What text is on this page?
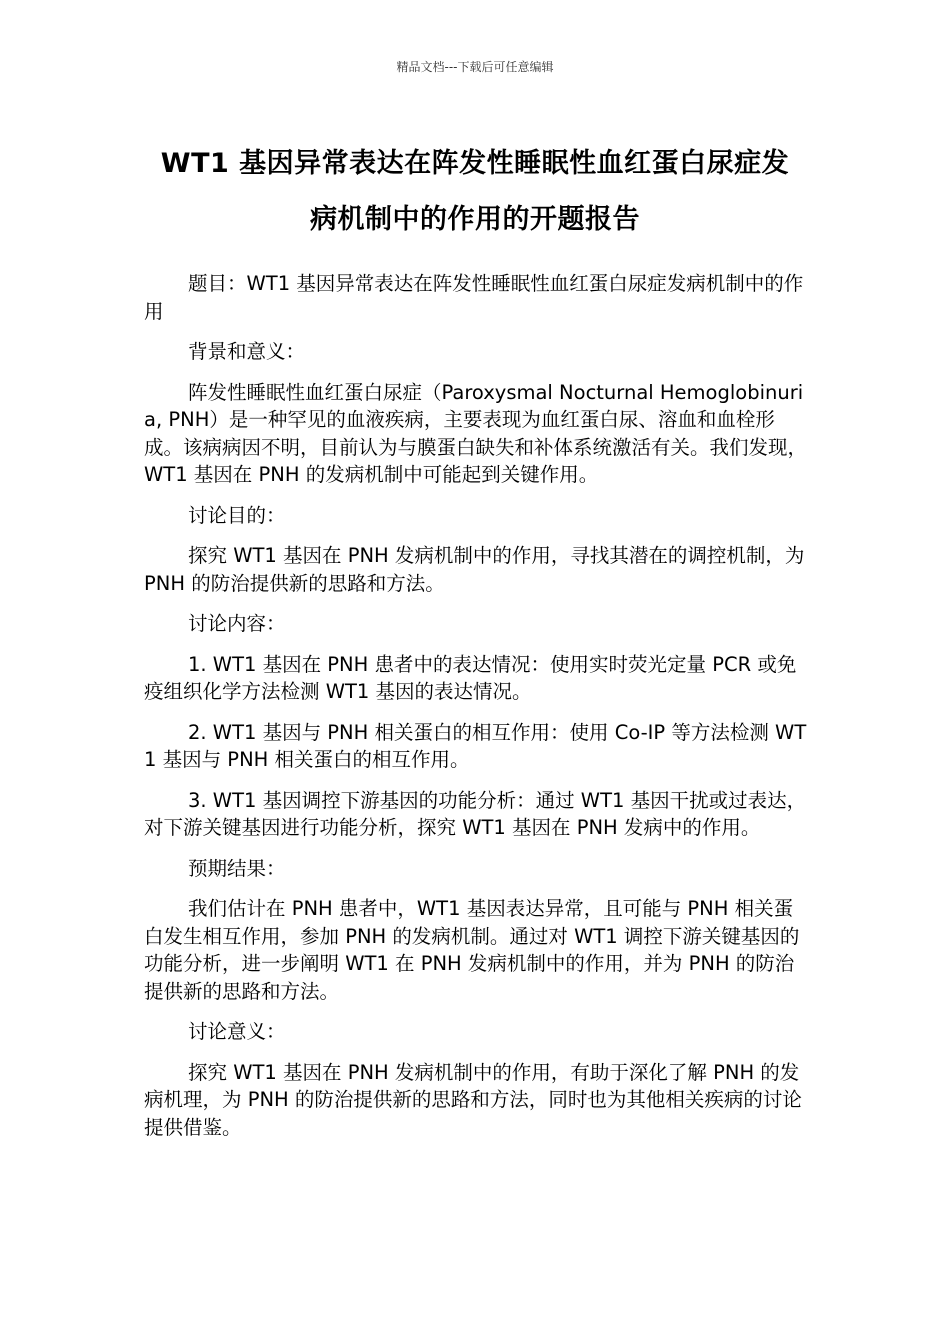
精品文档---下载后可任意编辑
WT1 基因异常表达在阵发性睡眠性血红蛋白尿症发
病机制中的作用的开题报告

题目：WT1 基因异常表达在阵发性睡眠性血红蛋白尿症发病机制中的作用

背景和意义：

阵发性睡眠性血红蛋白尿症（Paroxysmal Nocturnal Hemoglobinuria, PNH）是一种罕见的血液疾病，主要表现为血红蛋白尿、溶血和血栓形成。该病病因不明，目前认为与膜蛋白缺失和补体系统激活有关。我们发现，WT1 基因在 PNH 的发病机制中可能起到关键作用。

讨论目的：

探究 WT1 基因在 PNH 发病机制中的作用，寻找其潜在的调控机制，为 PNH 的防治提供新的思路和方法。

讨论内容：

1. WT1 基因在 PNH 患者中的表达情况：使用实时荧光定量 PCR 或免疫组织化学方法检测 WT1 基因的表达情况。

2. WT1 基因与 PNH 相关蛋白的相互作用：使用 Co-IP 等方法检测 WT1 基因与 PNH 相关蛋白的相互作用。

3. WT1 基因调控下游基因的功能分析：通过 WT1 基因干扰或过表达，对下游关键基因进行功能分析，探究 WT1 基因在 PNH 发病中的作用。

预期结果：

我们估计在 PNH 患者中，WT1 基因表达异常，且可能与 PNH 相关蛋白发生相互作用，参加 PNH 的发病机制。通过对 WT1 调控下游关键基因的功能分析，进一步阐明 WT1 在 PNH 发病机制中的作用，并为 PNH 的防治提供新的思路和方法。

讨论意义：

探究 WT1 基因在 PNH 发病机制中的作用，有助于深化了解 PNH 的发病机理，为 PNH 的防治提供新的思路和方法，同时也为其他相关疾病的讨论提供借鉴。
